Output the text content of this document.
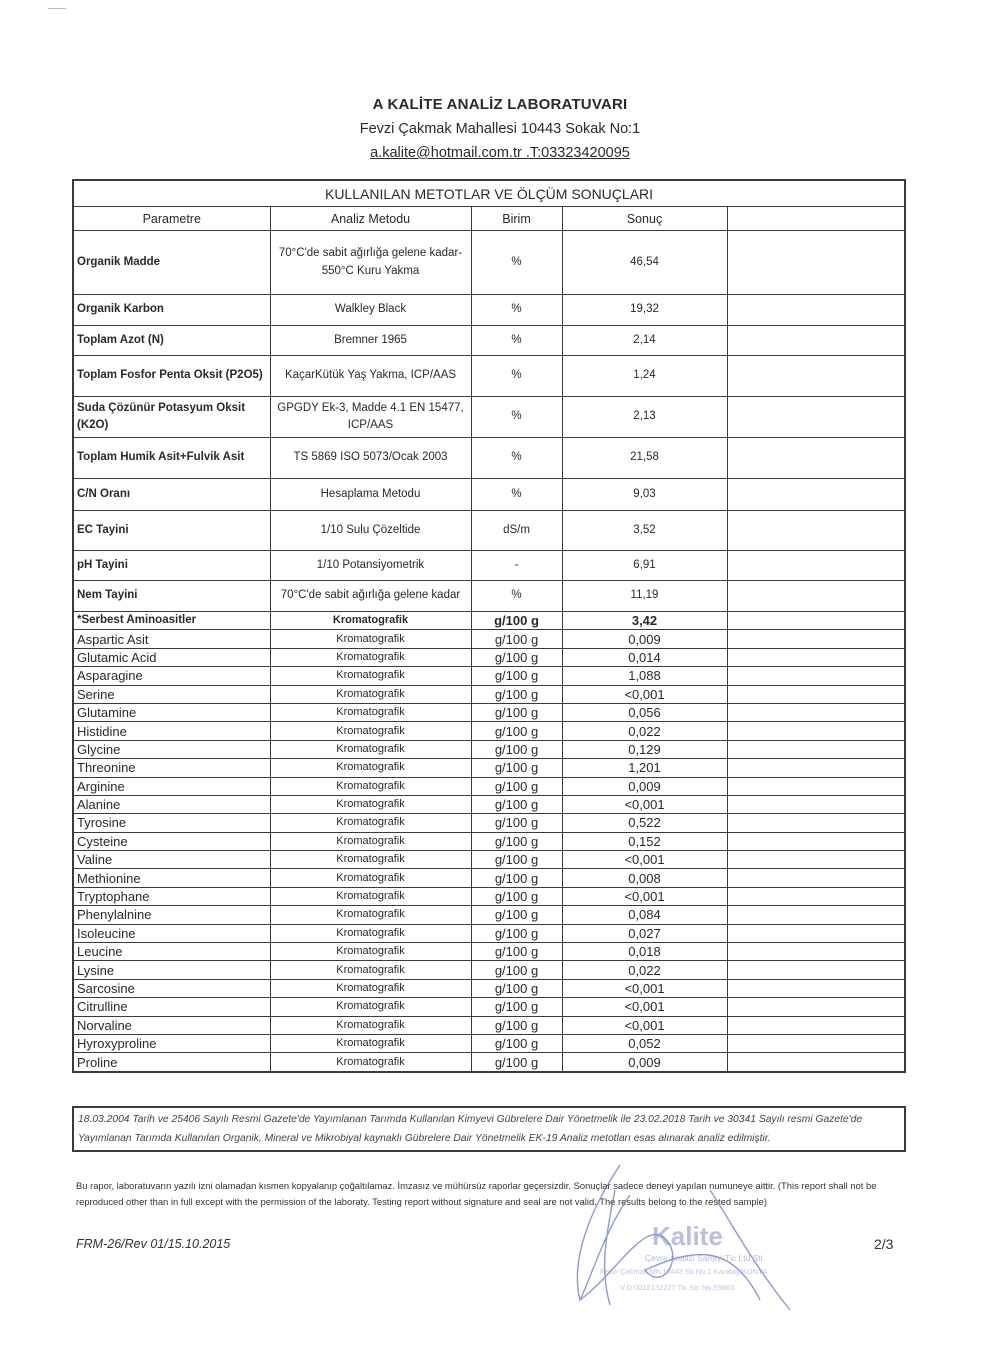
A KALİTE ANALİZ LABORATUVARI
Fevzi Çakmak Mahallesi 10443 Sokak No:1
a.kalite@hotmail.com.tr .T:03323420095
KULLANILAN METOTLAR VE ÖLÇÜM SONUÇLARI				
Parametre	Analiz Metodu	Birim	Sonuç	
Organik Madde	70°C'de sabit ağırlığa gelene kadar-550°C Kuru Yakma	%	46,54	
Organik Karbon	Walkley Black	%	19,32	
Toplam Azot (N)	Bremner 1965	%	2,14	
Toplam Fosfor Penta Oksit (P2O5)	KaçarKütük Yaş Yakma, ICP/AAS	%	1,24	
Suda Çözünür Potasyum Oksit (K2O)	GPGDY Ek-3, Madde 4.1 EN 15477, ICP/AAS	%	2,13	
Toplam Humik Asit+Fulvik Asit	TS 5869 ISO 5073/Ocak 2003	%	21,58	
C/N Oranı	Hesaplama Metodu	%	9,03	
EC Tayini	1/10 Sulu Çözeltide	dS/m	3,52	
pH Tayini	1/10 Potansiyometrik	-	6,91	
Nem Tayini	70°C'de sabit ağırlığa gelene kadar	%	11,19	
*Serbest Aminoasitler	Kromatografik	g/100 g	3,42	
Aspartic Asit	Kromatografik	g/100 g	0,009	
Glutamic Acid	Kromatografik	g/100 g	0,014	
Asparagine	Kromatografik	g/100 g	1,088	
Serine	Kromatografik	g/100 g	<0,001	
Glutamine	Kromatografik	g/100 g	0,056	
Histidine	Kromatografik	g/100 g	0,022	
Glycine	Kromatografik	g/100 g	0,129	
Threonine	Kromatografik	g/100 g	1,201	
Arginine	Kromatografik	g/100 g	0,009	
Alanine	Kromatografik	g/100 g	<0,001	
Tyrosine	Kromatografik	g/100 g	0,522	
Cysteine	Kromatografik	g/100 g	0,152	
Valine	Kromatografik	g/100 g	<0,001	
Methionine	Kromatografik	g/100 g	0,008	
Tryptophane	Kromatografik	g/100 g	<0,001	
Phenylalnine	Kromatografik	g/100 g	0,084	
Isoleucine	Kromatografik	g/100 g	0,027	
Leucine	Kromatografik	g/100 g	0,018	
Lysine	Kromatografik	g/100 g	0,022	
Sarcosine	Kromatografik	g/100 g	<0,001	
Citrulline	Kromatografik	g/100 g	<0,001	
Norvaline	Kromatografik	g/100 g	<0,001	
Hyroxyproline	Kromatografik	g/100 g	0,052	
Proline	Kromatografik	g/100 g	0,009	
18.03.2004 Tarih ve 25406 Sayılı Resmi Gazete'de Yayımlanan Tarımda Kullanılan Kimyevi Gübrelere Dair Yönetmelik ile 23.02.2018 Tarih ve 30341 Sayılı resmi Gazete'de Yayımlanan Tarımda Kullanılan Organik, Mineral ve Mikrobiyal kaynaklı Gübrelere Dair Yönetmelik EK-19 Analiz metotları esas alınarak analiz edilmiştir.
Bu rapor, laboratuvarın yazılı izni olamadan kısmen kopyalanıp çoğaltılamaz. İmzasız ve mühürsüz raporlar geçersizdir. Sonuçlar sadece deneyi yapılan numuneye aittir. (This report shall not be reproduced other than in full except with the permission of the laboraty. Testing report without signature and seal are not valid. The results belong to the rested sample)
FRM-26/Rev 01/15.10.2015	2/3
Kalite
Çevre Analizi Sanayi Tic.Ltd.Şti.
Fevzi Çakmak Mh.10443 Sk.No:1 Karatay/KONYA
V.D:0012132227 Tic.Sic.No:59563
